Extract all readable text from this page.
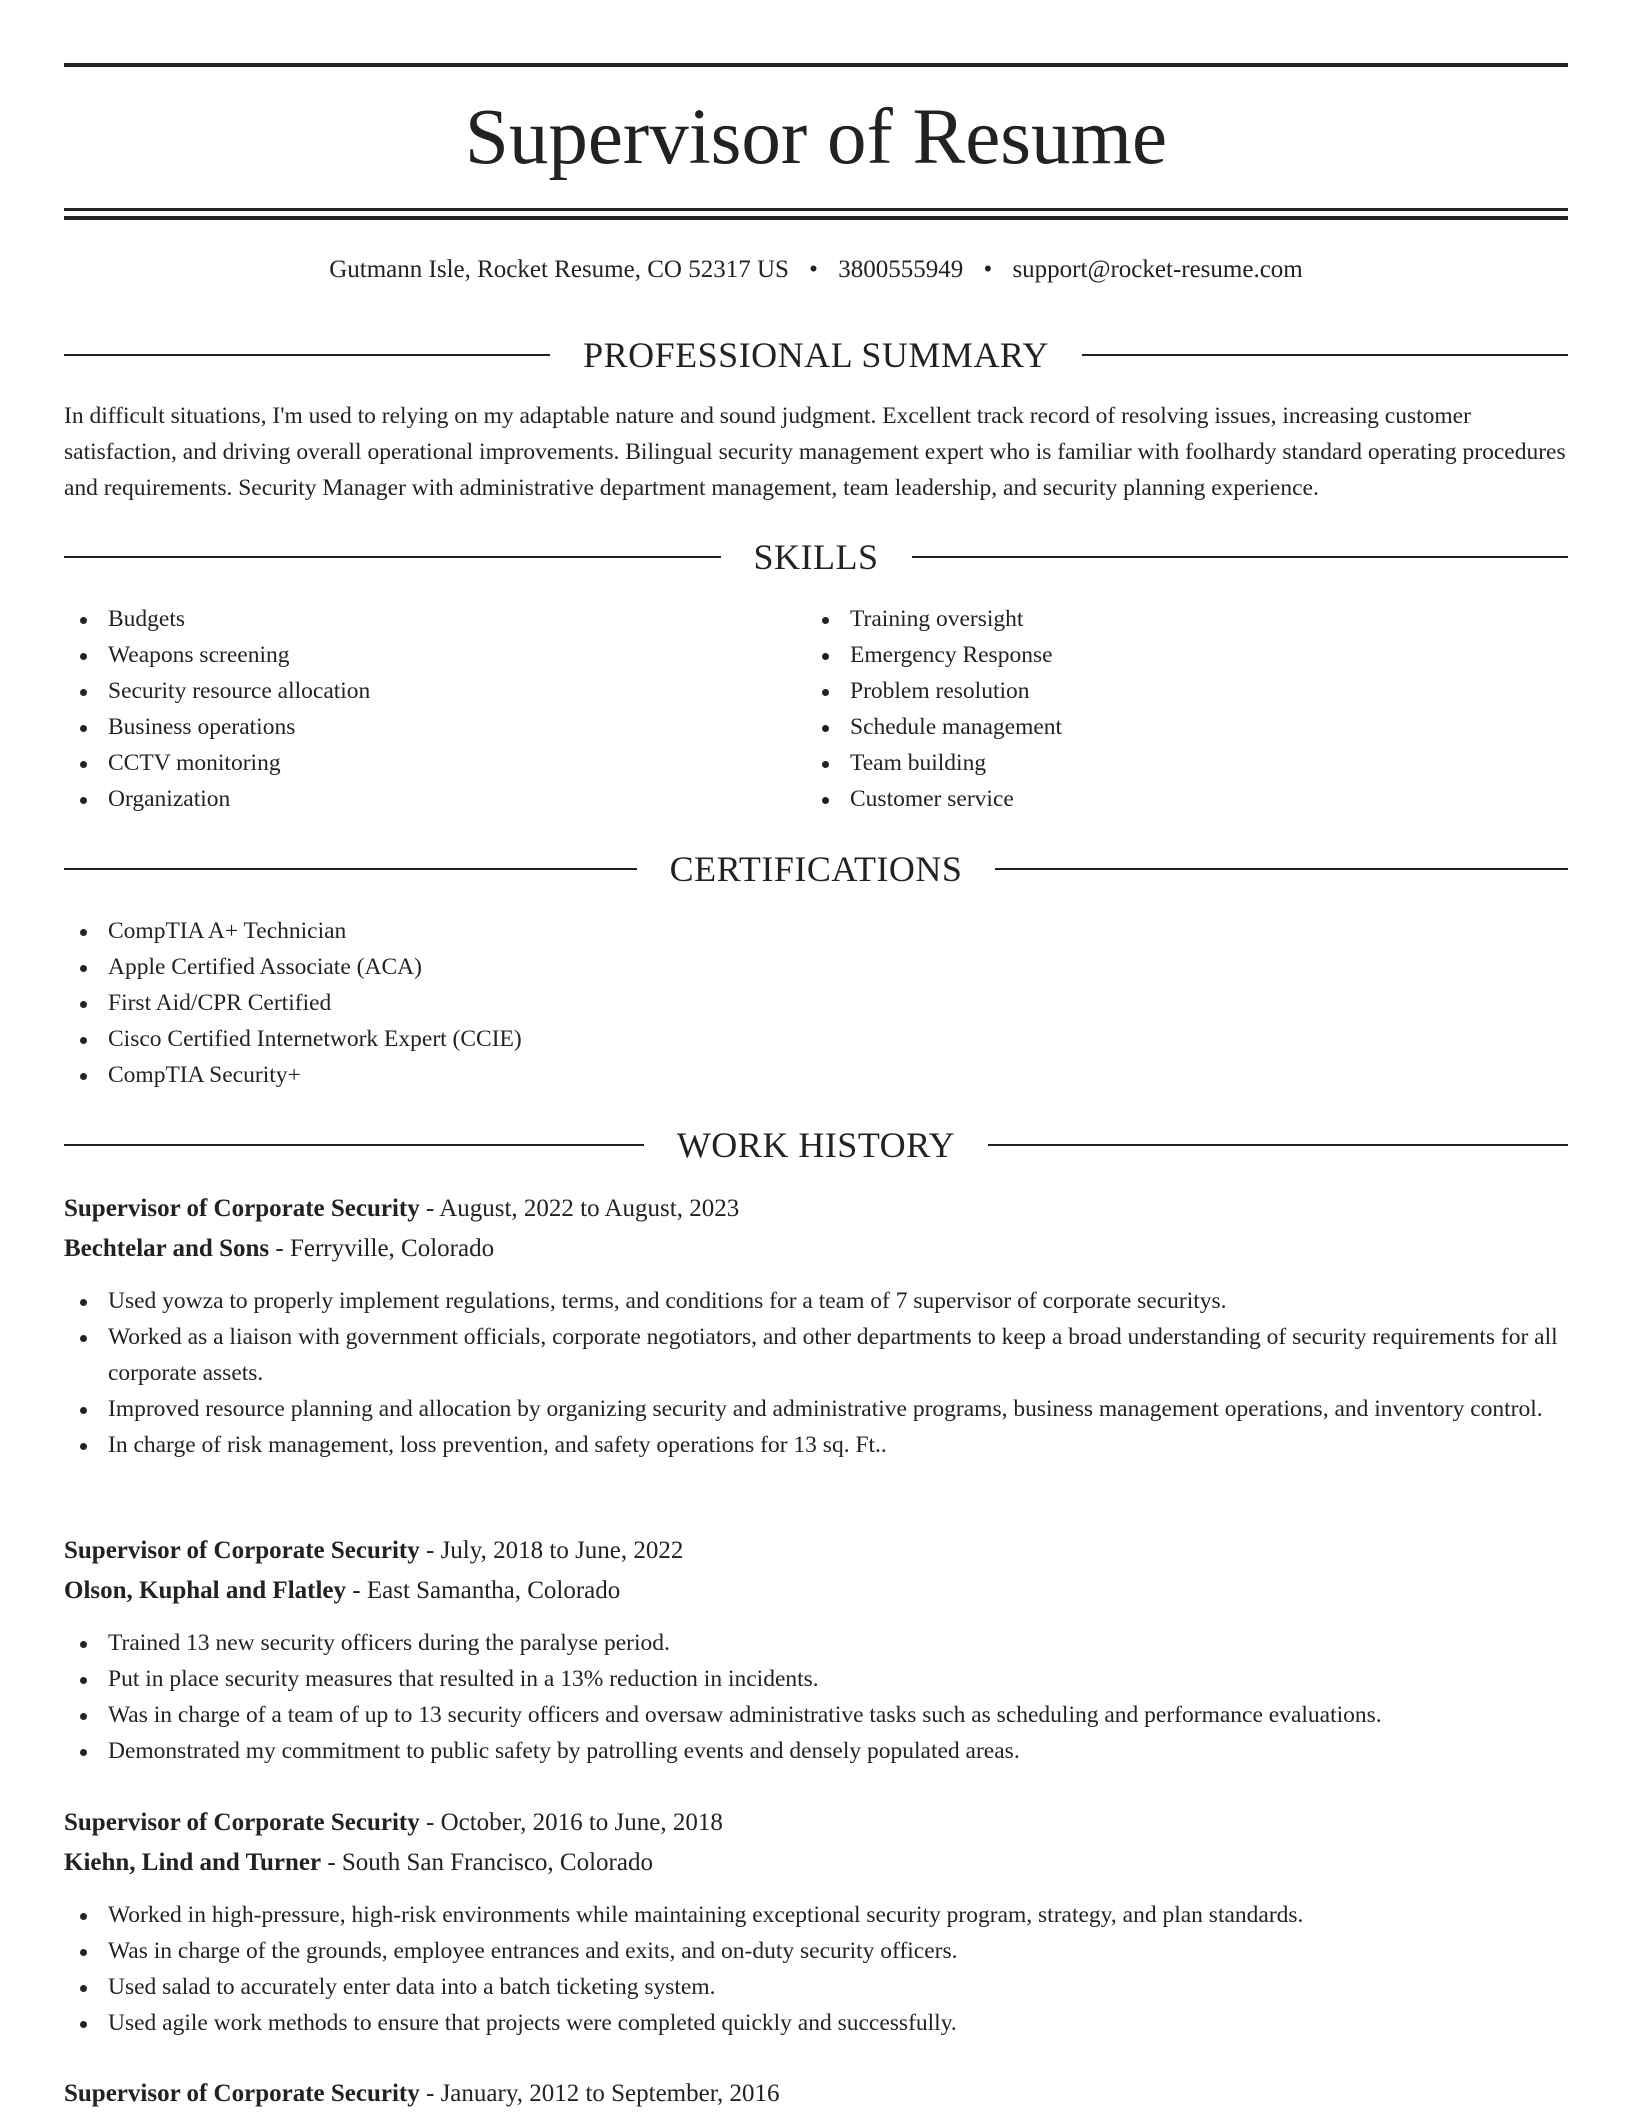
Supervisor of Resume
Gutmann Isle, Rocket Resume, CO 52317 US • 3800555949 • support@rocket-resume.com
PROFESSIONAL SUMMARY

In difficult situations, I'm used to relying on my adaptable nature and sound judgment. Excellent track record of resolving issues, increasing customer satisfaction, and driving overall operational improvements. Bilingual security management expert who is familiar with foolhardy standard operating procedures and requirements. Security Manager with administrative department management, team leadership, and security planning experience.

SKILLS
Budgets
Weapons screening
Security resource allocation
Business operations
CCTV monitoring
Organization
Training oversight
Emergency Response
Problem resolution
Schedule management
Team building
Customer service
CERTIFICATIONS
CompTIA A+ Technician
Apple Certified Associate (ACA)
First Aid/CPR Certified
Cisco Certified Internetwork Expert (CCIE)
CompTIA Security+
WORK HISTORY
Supervisor of Corporate Security - August, 2022 to August, 2023
Bechtelar and Sons - Ferryville, Colorado
Used yowza to properly implement regulations, terms, and conditions for a team of 7 supervisor of corporate securitys.
Worked as a liaison with government officials, corporate negotiators, and other departments to keep a broad understanding of security requirements for all corporate assets.
Improved resource planning and allocation by organizing security and administrative programs, business management operations, and inventory control.
In charge of risk management, loss prevention, and safety operations for 13 sq. Ft..
Supervisor of Corporate Security - July, 2018 to June, 2022
Olson, Kuphal and Flatley - East Samantha, Colorado
Trained 13 new security officers during the paralyse period.
Put in place security measures that resulted in a 13% reduction in incidents.
Was in charge of a team of up to 13 security officers and oversaw administrative tasks such as scheduling and performance evaluations.
Demonstrated my commitment to public safety by patrolling events and densely populated areas.
Supervisor of Corporate Security - October, 2016 to June, 2018
Kiehn, Lind and Turner - South San Francisco, Colorado
Worked in high-pressure, high-risk environments while maintaining exceptional security program, strategy, and plan standards.
Was in charge of the grounds, employee entrances and exits, and on-duty security officers.
Used salad to accurately enter data into a batch ticketing system.
Used agile work methods to ensure that projects were completed quickly and successfully.
Supervisor of Corporate Security - January, 2012 to September, 2016
